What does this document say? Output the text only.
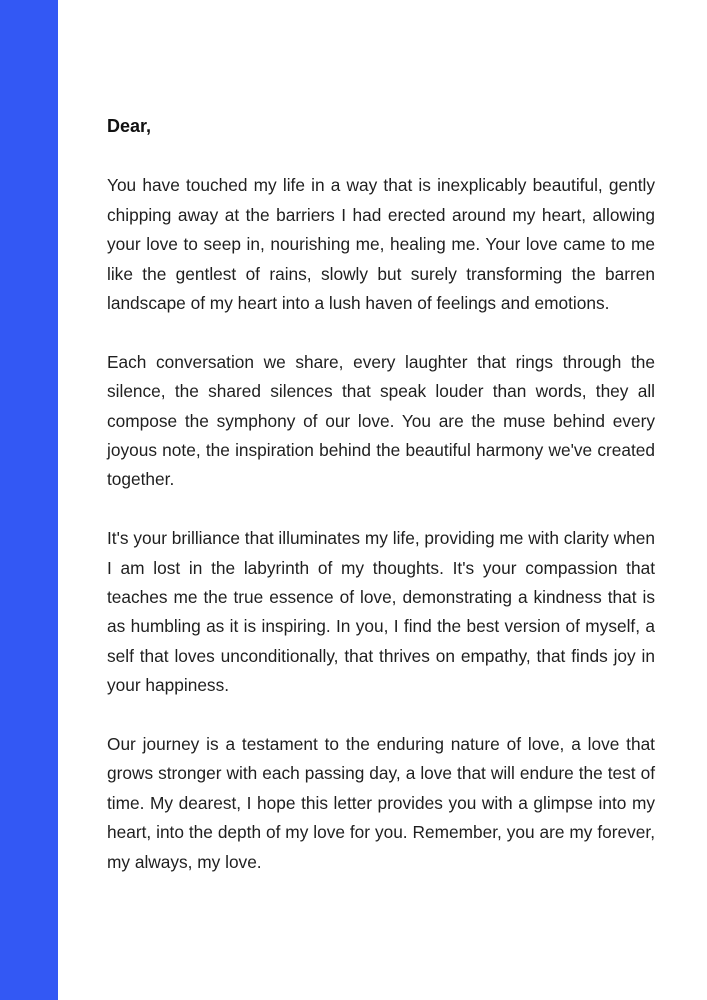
Dear,

You have touched my life in a way that is inexplicably beautiful, gently chipping away at the barriers I had erected around my heart, allowing your love to seep in, nourishing me, healing me. Your love came to me like the gentlest of rains, slowly but surely transforming the barren landscape of my heart into a lush haven of feelings and emotions.

Each conversation we share, every laughter that rings through the silence, the shared silences that speak louder than words, they all compose the symphony of our love. You are the muse behind every joyous note, the inspiration behind the beautiful harmony we've created together.

It's your brilliance that illuminates my life, providing me with clarity when I am lost in the labyrinth of my thoughts. It's your compassion that teaches me the true essence of love, demonstrating a kindness that is as humbling as it is inspiring. In you, I find the best version of myself, a self that loves unconditionally, that thrives on empathy, that finds joy in your happiness.

Our journey is a testament to the enduring nature of love, a love that grows stronger with each passing day, a love that will endure the test of time. My dearest, I hope this letter provides you with a glimpse into my heart, into the depth of my love for you. Remember, you are my forever, my always, my love.
